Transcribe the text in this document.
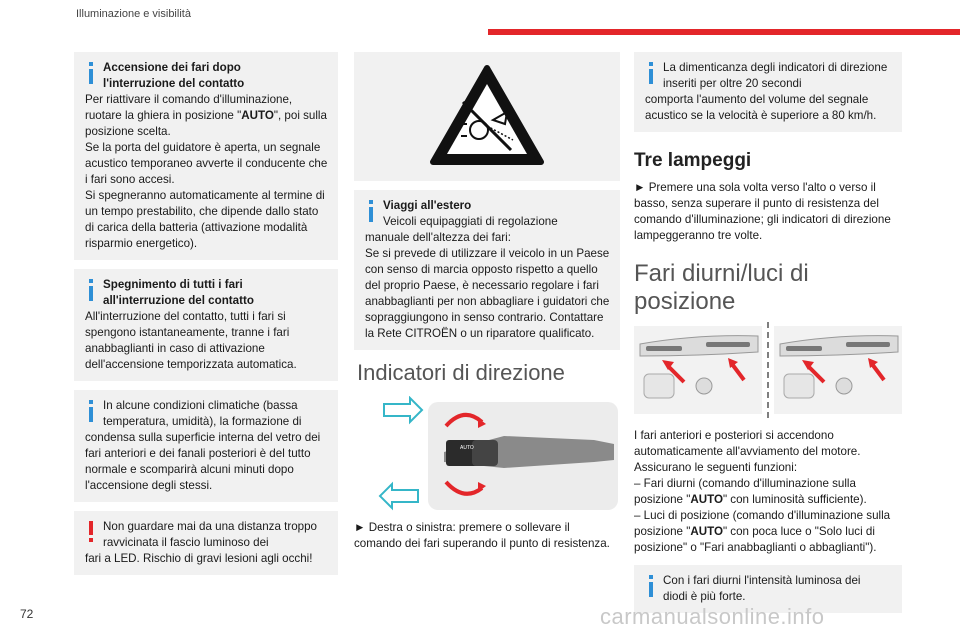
Illuminazione e visibilità
Accensione dei fari dopo
l'interruzione del contatto
Per riattivare il comando d'illuminazione, ruotare la ghiera in posizione "AUTO", poi sulla posizione scelta.
Se la porta del guidatore è aperta, un segnale acustico temporaneo avverte il conducente che i fari sono accesi.
Si spegneranno automaticamente al termine di un tempo prestabilito, che dipende dallo stato di carica della batteria (attivazione modalità risparmio energetico).
Spegnimento di tutti i fari
all'interruzione del contatto
All'interruzione del contatto, tutti i fari si spengono istantaneamente, tranne i fari anabbaglianti in caso di attivazione dell'accensione temporizzata automatica.
In alcune condizioni climatiche (bassa temperatura, umidità), la formazione di
condensa sulla superficie interna del vetro dei fari anteriori e dei fanali posteriori è del tutto normale e scomparirà alcuni minuti dopo l'accensione degli stessi.
Non guardare mai da una distanza troppo ravvicinata il fascio luminoso dei
fari a LED. Rischio di gravi lesioni agli occhi!
Viaggi all'estero
Veicoli equipaggiati di regolazione
manuale dell'altezza dei fari:
Se si prevede di utilizzare il veicolo in un Paese con senso di marcia opposto rispetto a quello del proprio Paese, è necessario regolare i fari anabbaglianti per non abbagliare i guidatori che sopraggiungono in senso contrario. Contattare la Rete CITROËN o un riparatore qualificato.
Indicatori di direzione
AUTO
► Destra o sinistra: premere o sollevare il comando dei fari superando il punto di resistenza.
La dimenticanza degli indicatori di direzione inseriti per oltre 20 secondi
comporta l'aumento del volume del segnale acustico se la velocità è superiore a 80 km/h.
Tre lampeggi
► Premere una sola volta verso l'alto o verso il basso, senza superare il punto di resistenza del comando d'illuminazione; gli indicatori di direzione lampeggeranno tre volte.
Fari diurni/luci di posizione
I fari anteriori e posteriori si accendono automaticamente all'avviamento del motore.
Assicurano le seguenti funzioni:
– Fari diurni (comando d'illuminazione sulla posizione "AUTO" con luminosità sufficiente).
– Luci di posizione (comando d'illuminazione sulla posizione "AUTO" con poca luce o "Solo luci di posizione" o "Fari anabbaglianti o abbaglianti").
Con i fari diurni l'intensità luminosa dei
diodi è più forte.
72	carmanualsonline.info
